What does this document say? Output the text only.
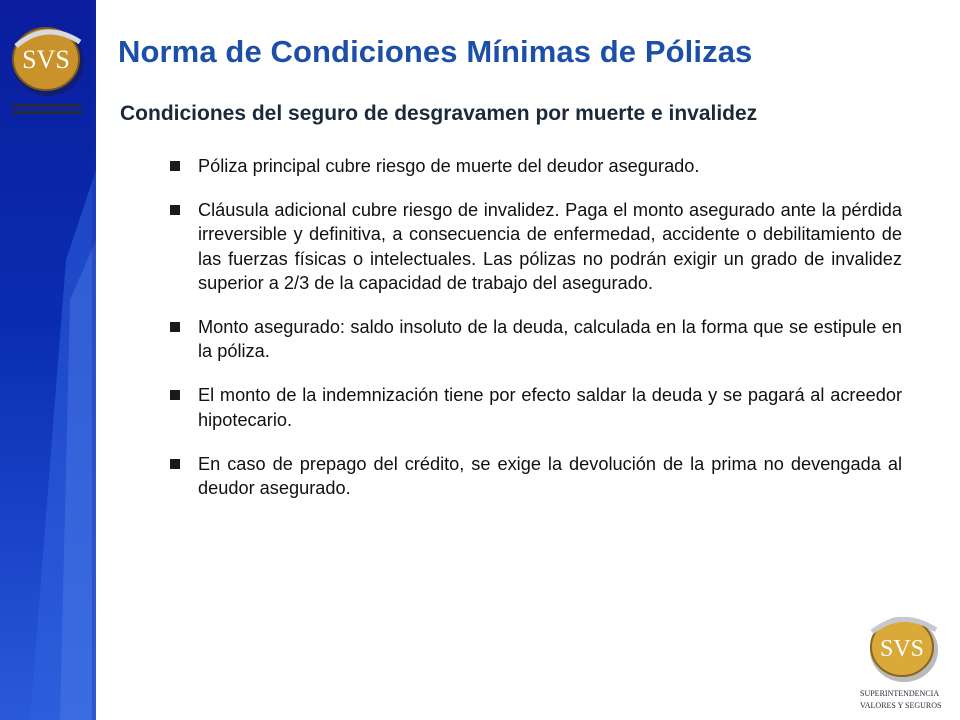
SVS Norma de Condiciones Mínimas de Pólizas
Condiciones del seguro de desgravamen por muerte e invalidez
Póliza principal cubre riesgo de muerte del deudor asegurado.
Cláusula adicional cubre riesgo de invalidez. Paga el monto asegurado ante la pérdida irreversible y definitiva, a consecuencia de enfermedad, accidente o debilitamiento de las fuerzas físicas o intelectuales. Las pólizas no podrán exigir un grado de invalidez superior a 2/3 de la capacidad de trabajo del asegurado.
Monto asegurado: saldo insoluto de la deuda, calculada en la forma que se estipule en la póliza.
El monto de la indemnización tiene por efecto saldar la deuda y se pagará al acreedor hipotecario.
En caso de prepago del crédito, se exige la devolución de la prima no devengada al deudor asegurado.
SVS
SUPERINTENDENCIA
VALORES Y SEGUROS
